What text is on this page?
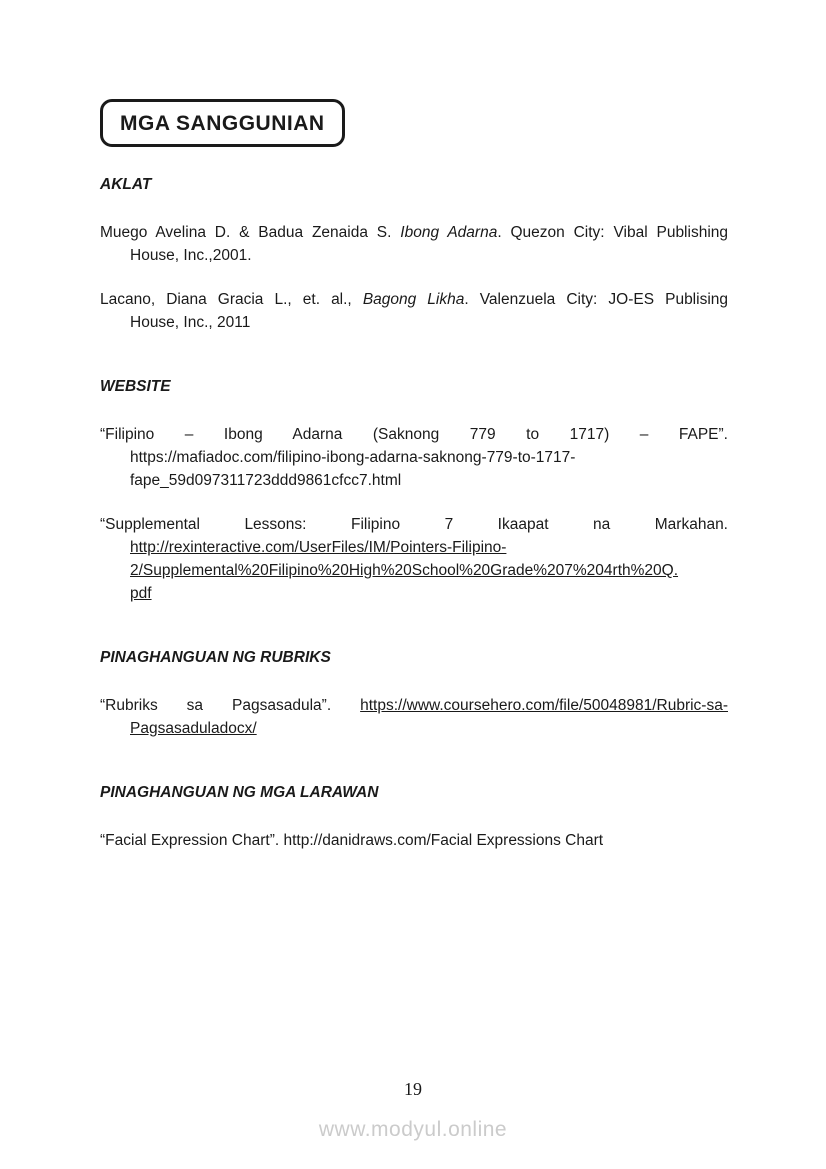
MGA SANGGUNIAN
AKLAT
Muego Avelina D. & Badua Zenaida S. Ibong Adarna. Quezon City: Vibal Publishing
House, Inc.,2001.
Lacano, Diana Gracia L., et. al., Bagong Likha. Valenzuela City: JO-ES Publising
House, Inc., 2011
WEBSITE
“Filipino – Ibong Adarna (Saknong 779 to 1717) – FAPE”.
https://mafiadoc.com/filipino-ibong-adarna-saknong-779-to-1717-
fape_59d097311723ddd9861cfcc7.html
“Supplemental Lessons: Filipino 7 Ikaapat na Markahan.
http://rexinteractive.com/UserFiles/IM/Pointers-Filipino-
2/Supplemental%20Filipino%20High%20School%20Grade%207%204rth%20Q.
pdf
PINAGHANGUAN NG RUBRIKS
“Rubriks sa Pagsasadula”. https://www.coursehero.com/file/50048981/Rubric-sa-
Pagsasaduladocx/
PINAGHANGUAN NG MGA LARAWAN
“Facial Expression Chart”. http://danidraws.com/Facial Expressions Chart
19
www.modyul.online
